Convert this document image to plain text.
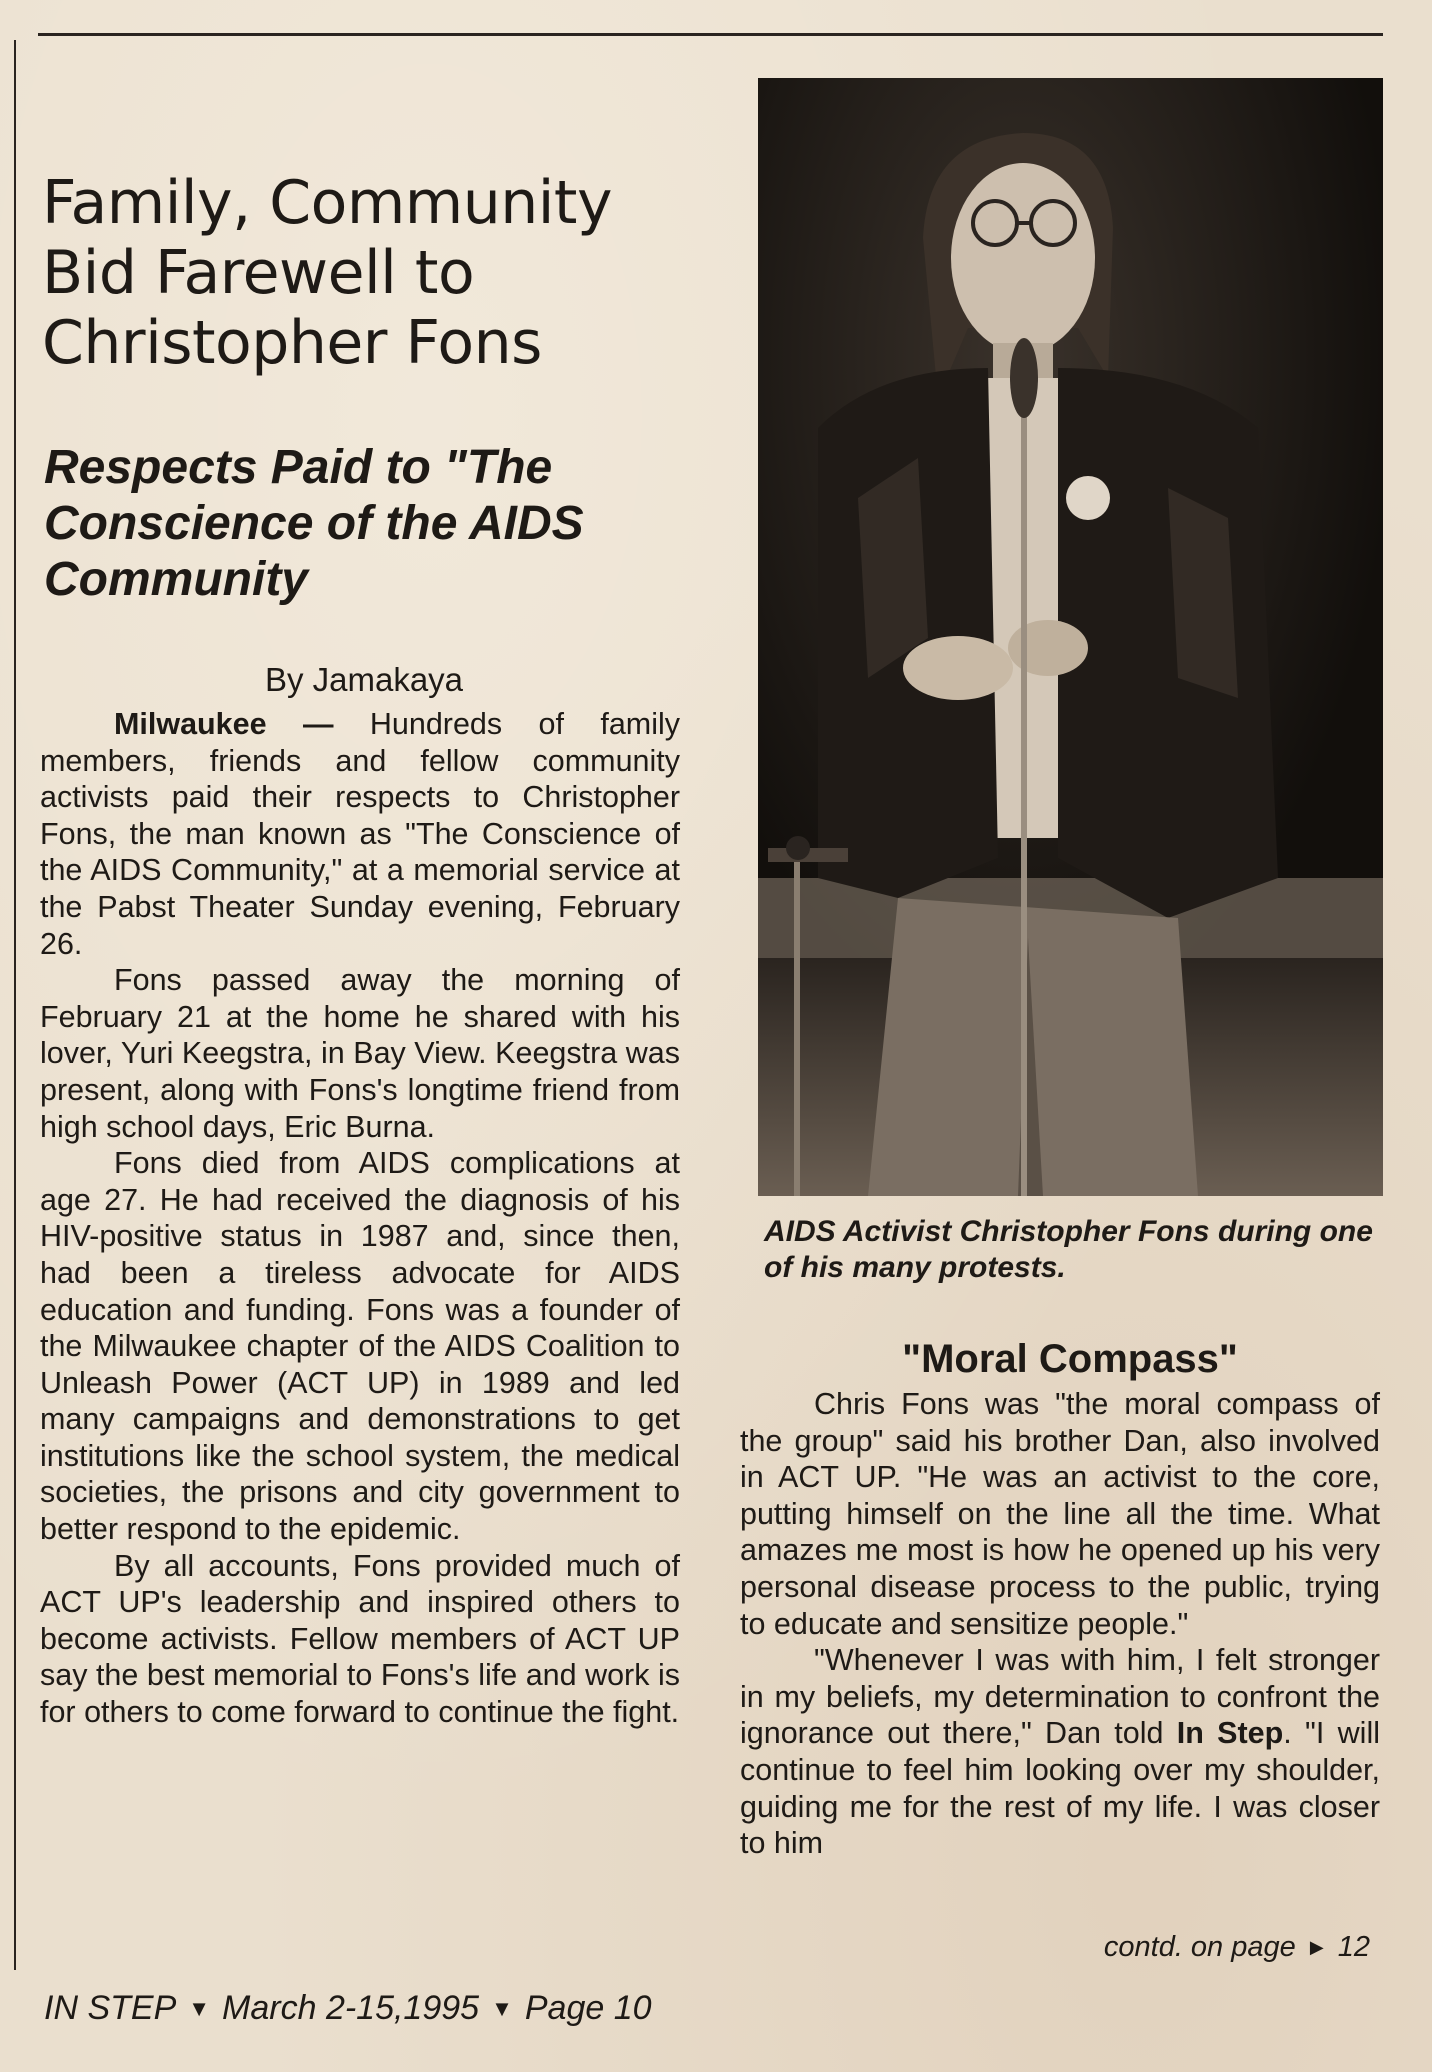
Family, Community Bid Farewell to Christopher Fons
Respects Paid to "The Conscience of the AIDS Community

By Jamakaya

Milwaukee — Hundreds of family members, friends and fellow community activists paid their respects to Christopher Fons, the man known as "The Conscience of the AIDS Community," at a memorial service at the Pabst Theater Sunday evening, February 26.

Fons passed away the morning of February 21 at the home he shared with his lover, Yuri Keegstra, in Bay View. Keegstra was present, along with Fons's longtime friend from high school days, Eric Burna.

Fons died from AIDS complications at age 27. He had received the diagnosis of his HIV-positive status in 1987 and, since then, had been a tireless advocate for AIDS education and funding. Fons was a founder of the Milwaukee chapter of the AIDS Coalition to Unleash Power (ACT UP) in 1989 and led many campaigns and demonstrations to get institutions like the school system, the medical societies, the prisons and city government to better respond to the epidemic.

By all accounts, Fons provided much of ACT UP's leadership and inspired others to become activists. Fellow members of ACT UP say the best memorial to Fons's life and work is for others to come forward to continue the fight.

AIDS Activist Christopher Fons during one of his many protests.

"Moral Compass"

Chris Fons was "the moral compass of the group" said his brother Dan, also involved in ACT UP. "He was an activist to the core, putting himself on the line all the time. What amazes me most is how he opened up his very personal disease process to the public, trying to educate and sensitize people."

"Whenever I was with him, I felt stronger in my beliefs, my determination to confront the ignorance out there," Dan told In Step. "I will continue to feel him looking over my shoulder, guiding me for the rest of my life. I was closer to him

contd. on page ▶ 12

IN STEP ▼ March 2-15,1995 ▼ Page 10
